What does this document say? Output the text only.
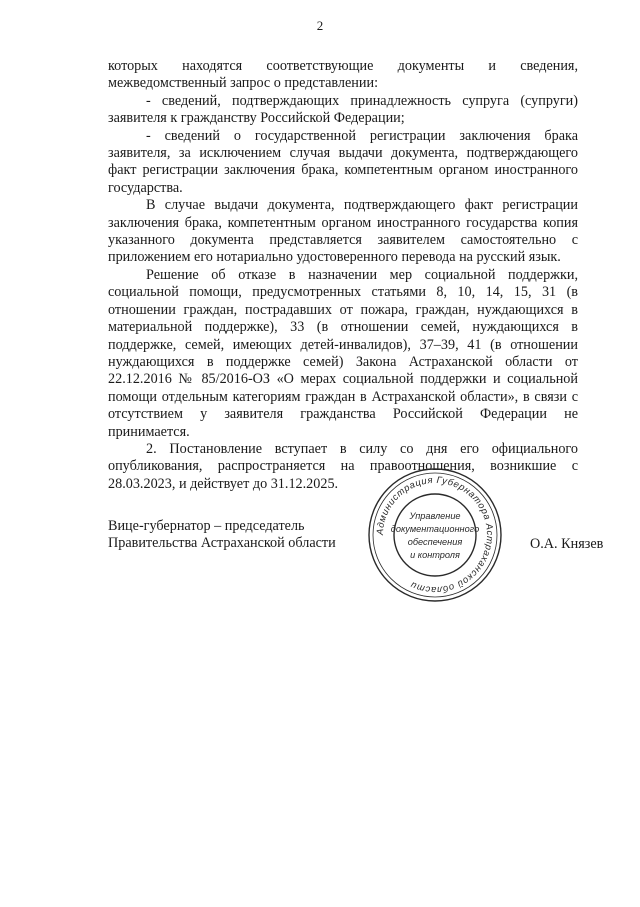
2

которых находятся соответствующие документы и сведения, межведомственный запрос о представлении:

- сведений, подтверждающих принадлежность супруга (супруги) заявителя к гражданству Российской Федерации;

- сведений о государственной регистрации заключения брака заявителя, за исключением случая выдачи документа, подтверждающего факт регистрации заключения брака, компетентным органом иностранного государства.

В случае выдачи документа, подтверждающего факт регистрации заключения брака, компетентным органом иностранного государства копия указанного документа представляется заявителем самостоятельно с приложением его нотариально удостоверенного перевода на русский язык.

Решение об отказе в назначении мер социальной поддержки, социальной помощи, предусмотренных статьями 8, 10, 14, 15, 31 (в отношении граждан, пострадавших от пожара, граждан, нуждающихся в материальной поддержке), 33 (в отношении семей, нуждающихся в поддержке, семей, имеющих детей-инвалидов), 37–39, 41 (в отношении нуждающихся в поддержке семей) Закона Астраханской области от 22.12.2016 № 85/2016-ОЗ «О мерах социальной поддержки и социальной помощи отдельным категориям граждан в Астраханской области», в связи с отсутствием у заявителя гражданства Российской Федерации не принимается.

2. Постановление вступает в силу со дня его официального опубликования, распространяется на правоотношения, возникшие с 28.03.2023, и действует до 31.12.2025.

Вице-губернатор – председатель
Правительства Астраханской области	О.А. Князев
Администрация Губернатора Астраханской области
Управление
документационного
обеспечения
и контроля
